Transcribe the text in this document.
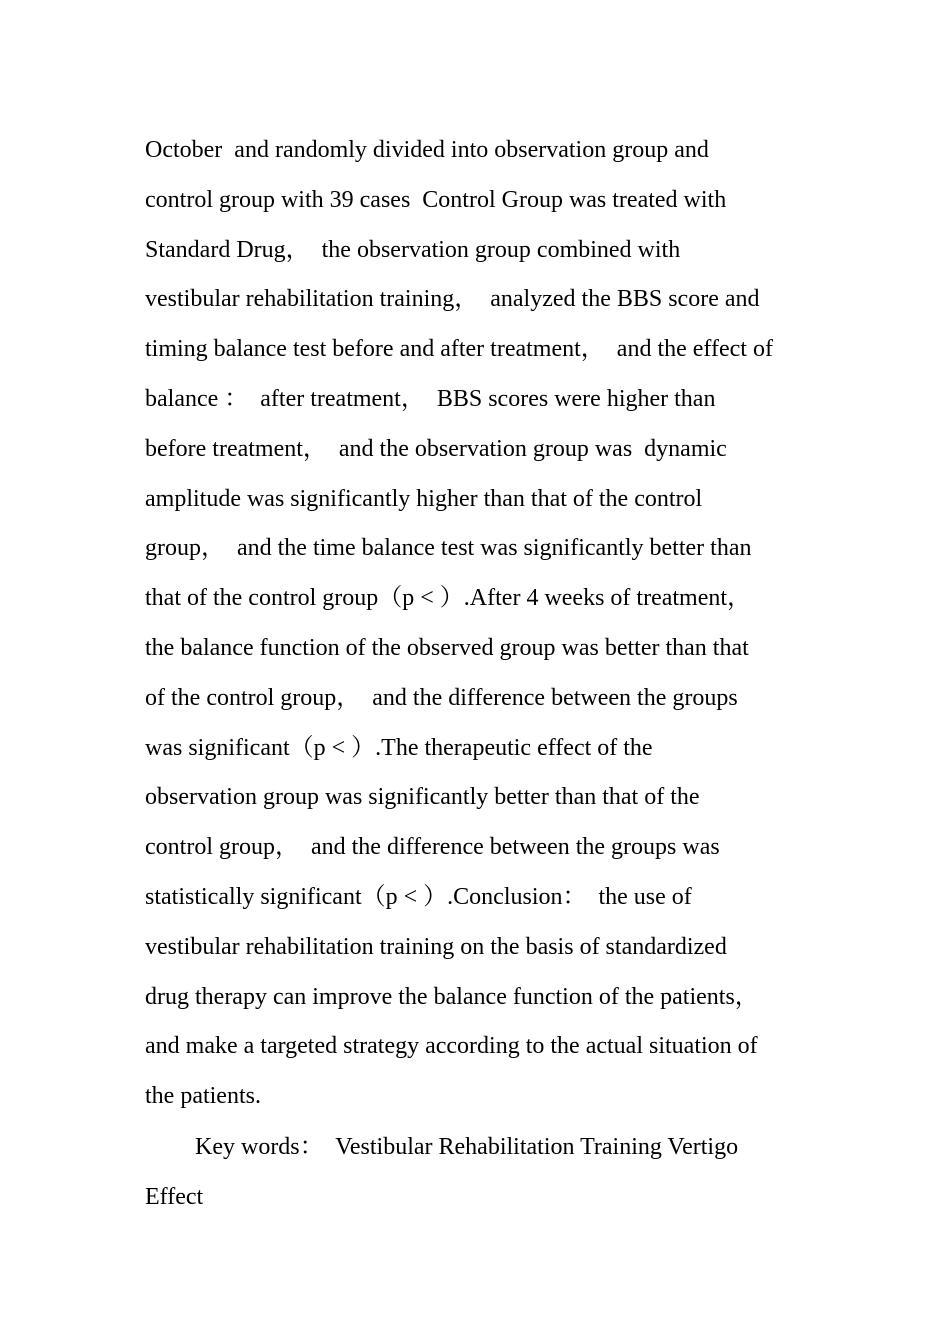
October  and randomly divided into observation group and
control group with 39 cases  Control Group was treated with
Standard Drug，  the observation group combined with
vestibular rehabilitation training，  analyzed the BBS score and
timing balance test before and after treatment，  and the effect of
balance ：  after treatment，  BBS scores were higher than
before treatment，  and the observation group was  dynamic
amplitude was significantly higher than that of the control
group，  and the time balance test was significantly better than
that of the control group（p < ）.After 4 weeks of treatment，
the balance function of the observed group was better than that
of the control group，  and the difference between the groups
was significant（p < ）.The therapeutic effect of the
observation group was significantly better than that of the
control group，  and the difference between the groups was
statistically significant（p < ）.Conclusion：  the use of
vestibular rehabilitation training on the basis of standardized
drug therapy can improve the balance function of the patients，
and make a targeted strategy according to the actual situation of
the patients.
Key words：  Vestibular Rehabilitation Training Vertigo
Effect
